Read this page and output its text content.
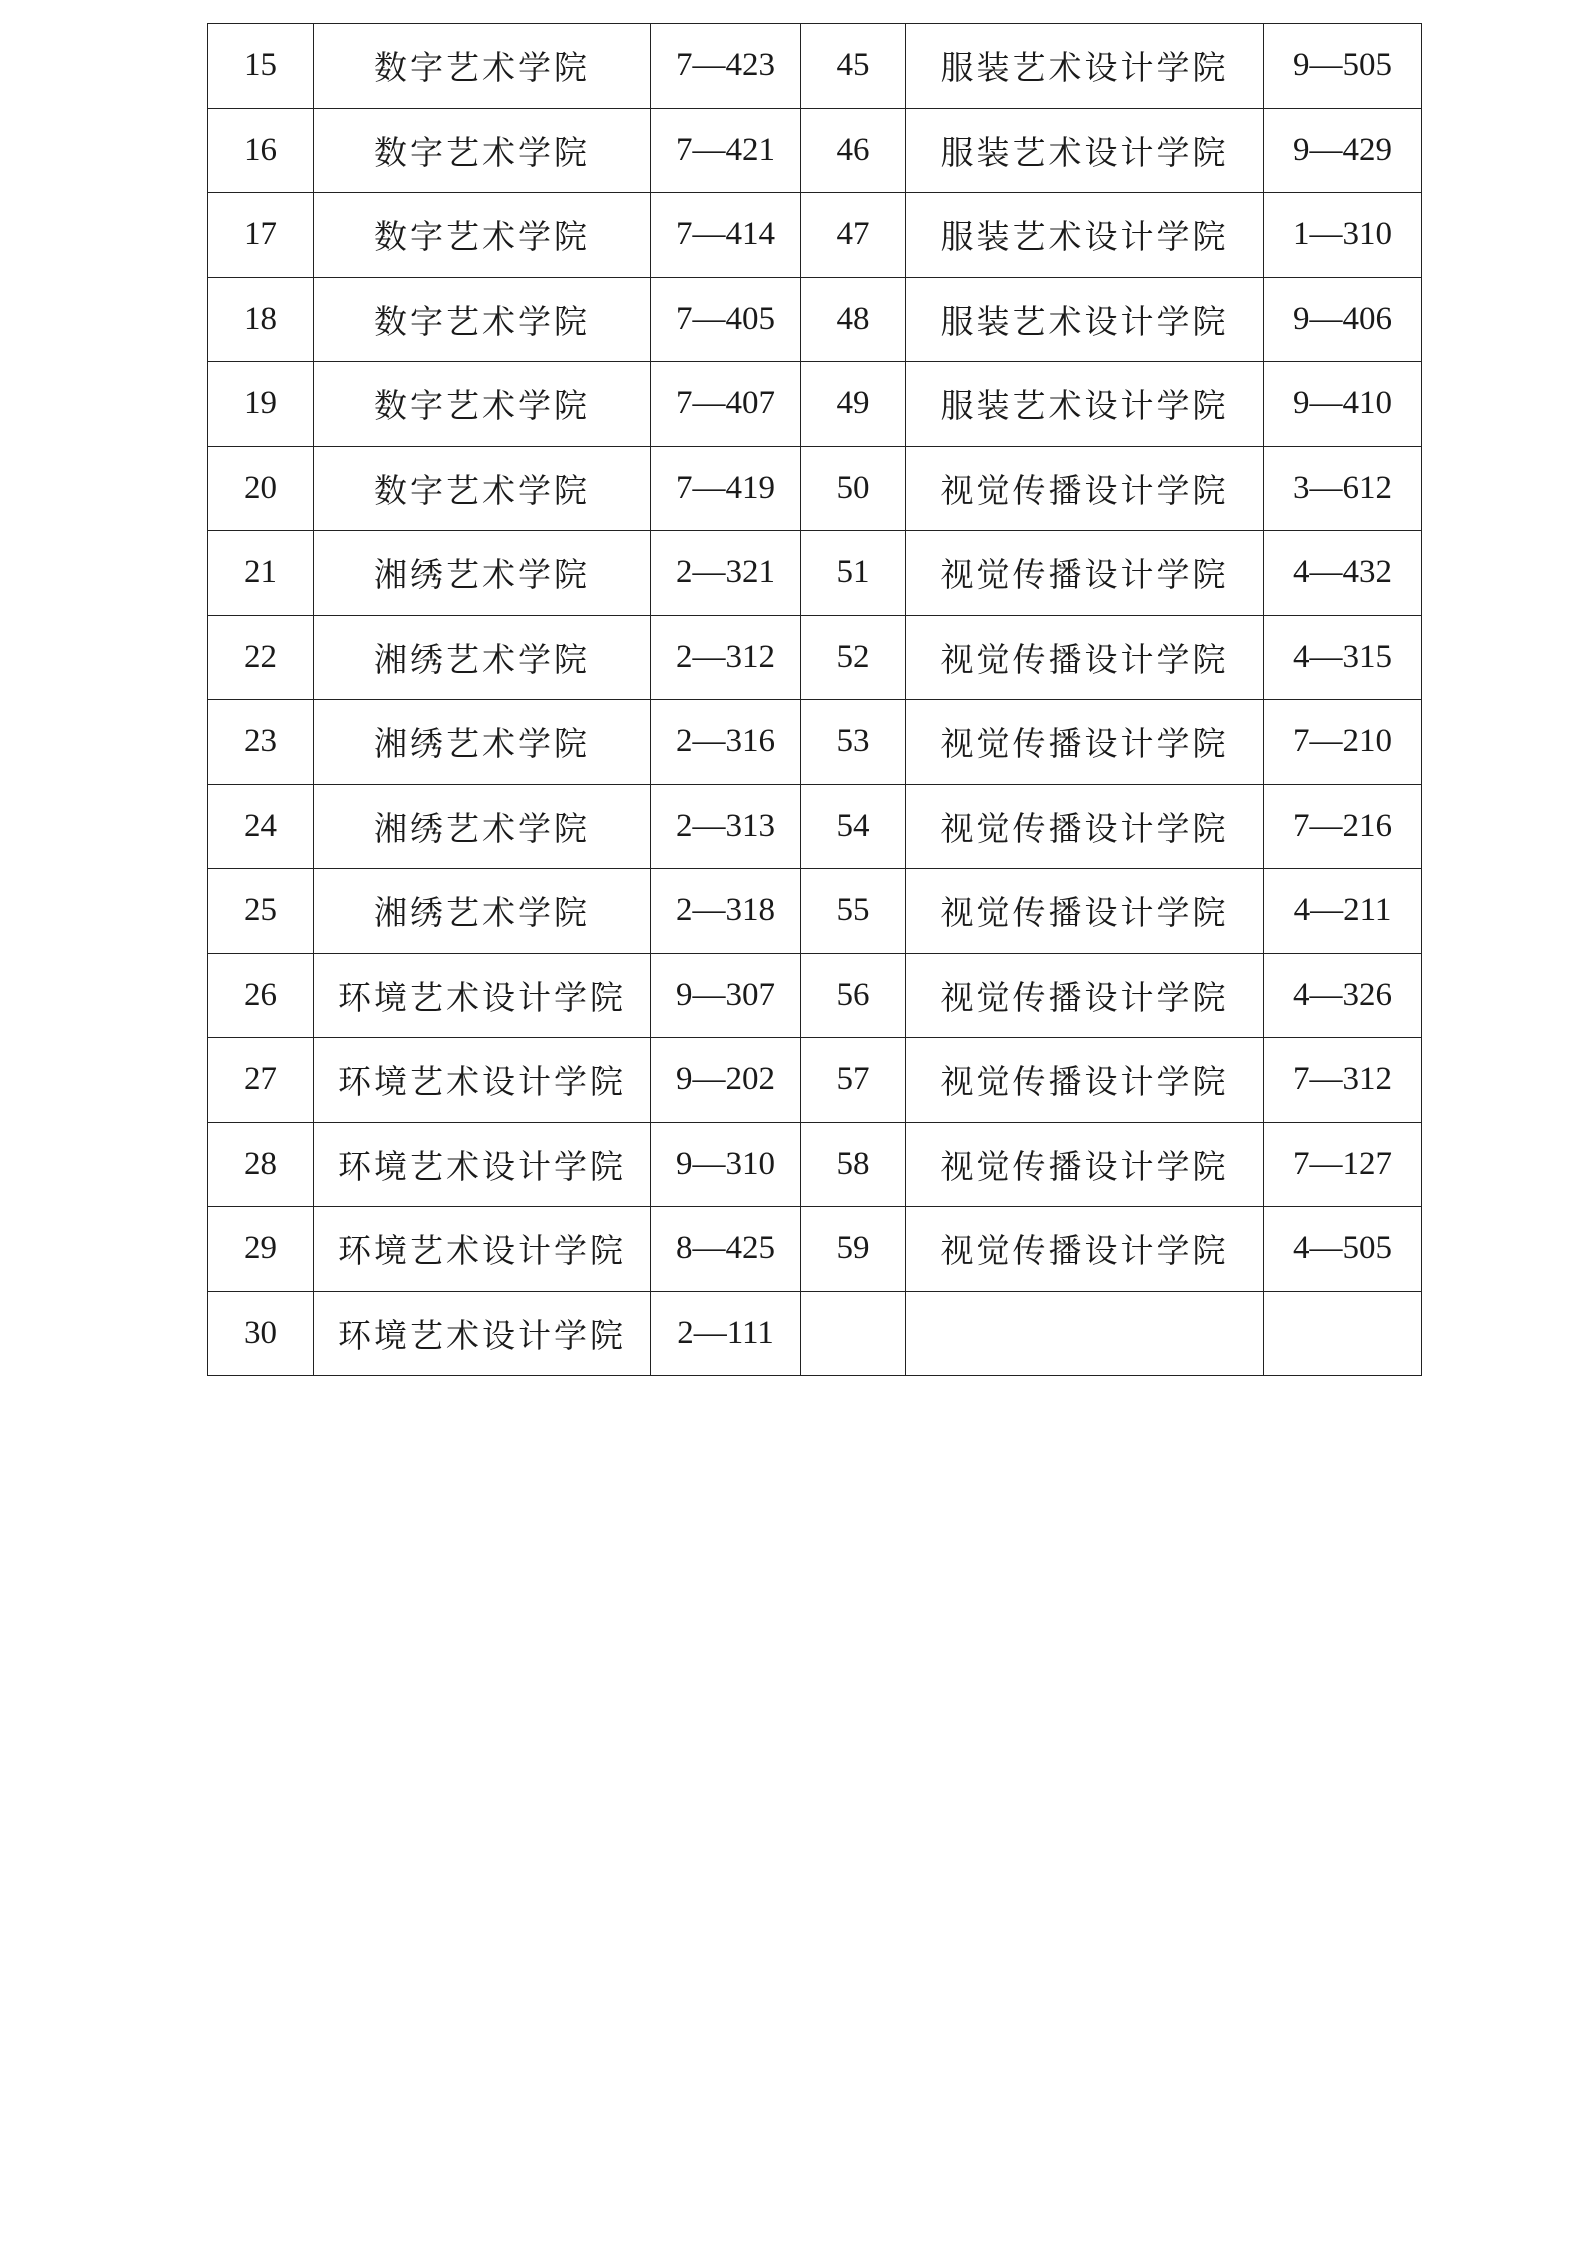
15	数字艺术学院	7—423	45	服装艺术设计学院	9—505
16	数字艺术学院	7—421	46	服装艺术设计学院	9—429
17	数字艺术学院	7—414	47	服装艺术设计学院	1—310
18	数字艺术学院	7—405	48	服装艺术设计学院	9—406
19	数字艺术学院	7—407	49	服装艺术设计学院	9—410
20	数字艺术学院	7—419	50	视觉传播设计学院	3—612
21	湘绣艺术学院	2—321	51	视觉传播设计学院	4—432
22	湘绣艺术学院	2—312	52	视觉传播设计学院	4—315
23	湘绣艺术学院	2—316	53	视觉传播设计学院	7—210
24	湘绣艺术学院	2—313	54	视觉传播设计学院	7—216
25	湘绣艺术学院	2—318	55	视觉传播设计学院	4—211
26	环境艺术设计学院	9—307	56	视觉传播设计学院	4—326
27	环境艺术设计学院	9—202	57	视觉传播设计学院	7—312
28	环境艺术设计学院	9—310	58	视觉传播设计学院	7—127
29	环境艺术设计学院	8—425	59	视觉传播设计学院	4—505
30	环境艺术设计学院	2—111			
